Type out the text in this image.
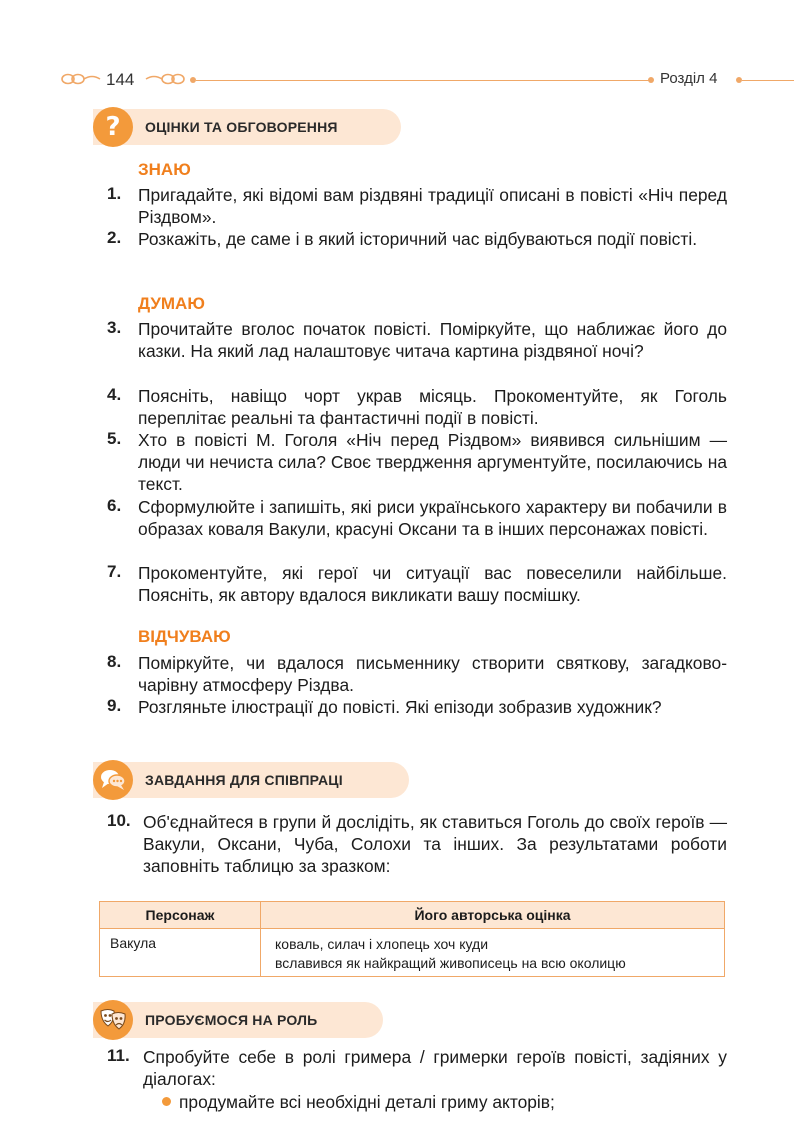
144	Розділ 4
? ОЦІНКИ ТА ОБГОВОРЕННЯ
ЗНАЮ
1. Пригадайте, які відомі вам різдвяні традиції описані в повісті «Ніч перед Різдвом».
2. Розкажіть, де саме і в який історичний час відбуваються події повісті.
ДУМАЮ
3. Прочитайте вголос початок повісті. Поміркуйте, що наближає його до казки. На який лад налаштовує читача картина різдвяної ночі?
4. Поясніть, навіщо чорт украв місяць. Прокоментуйте, як Гоголь переплітає реальні та фантастичні події в повісті.
5. Хто в повісті М. Гоголя «Ніч перед Різдвом» виявився сильнішим — люди чи нечиста сила? Своє твердження аргументуйте, посилаючись на текст.
6. Сформулюйте і запишіть, які риси українського характеру ви побачили в образах коваля Вакули, красуні Оксани та в інших персонажах повісті.
7. Прокоментуйте, які герої чи ситуації вас повеселили найбільше. Поясніть, як автору вдалося викликати вашу посмішку.
ВІДЧУВАЮ
8. Поміркуйте, чи вдалося письменнику створити святкову, загадково-чарівну атмосферу Різдва.
9. Розгляньте ілюстрації до повісті. Які епізоди зобразив художник?
ЗАВДАННЯ ДЛЯ СПІВПРАЦІ
10. Об'єднайтеся в групи й дослідіть, як ставиться Гоголь до своїх героїв — Вакули, Оксани, Чуба, Солохи та інших. За результатами роботи заповніть таблицю за зразком:
Персонаж	Його авторська оцінка
Вакула	коваль, силач і хлопець хоч куди
вславився як найкращий живописець на всю околицю
ПРОБУЄМОСЯ НА РОЛЬ
11. Спробуйте себе в ролі гримера / гримерки героїв повісті, задіяних у діалогах:
продумайте всі необхідні деталі гриму акторів;
